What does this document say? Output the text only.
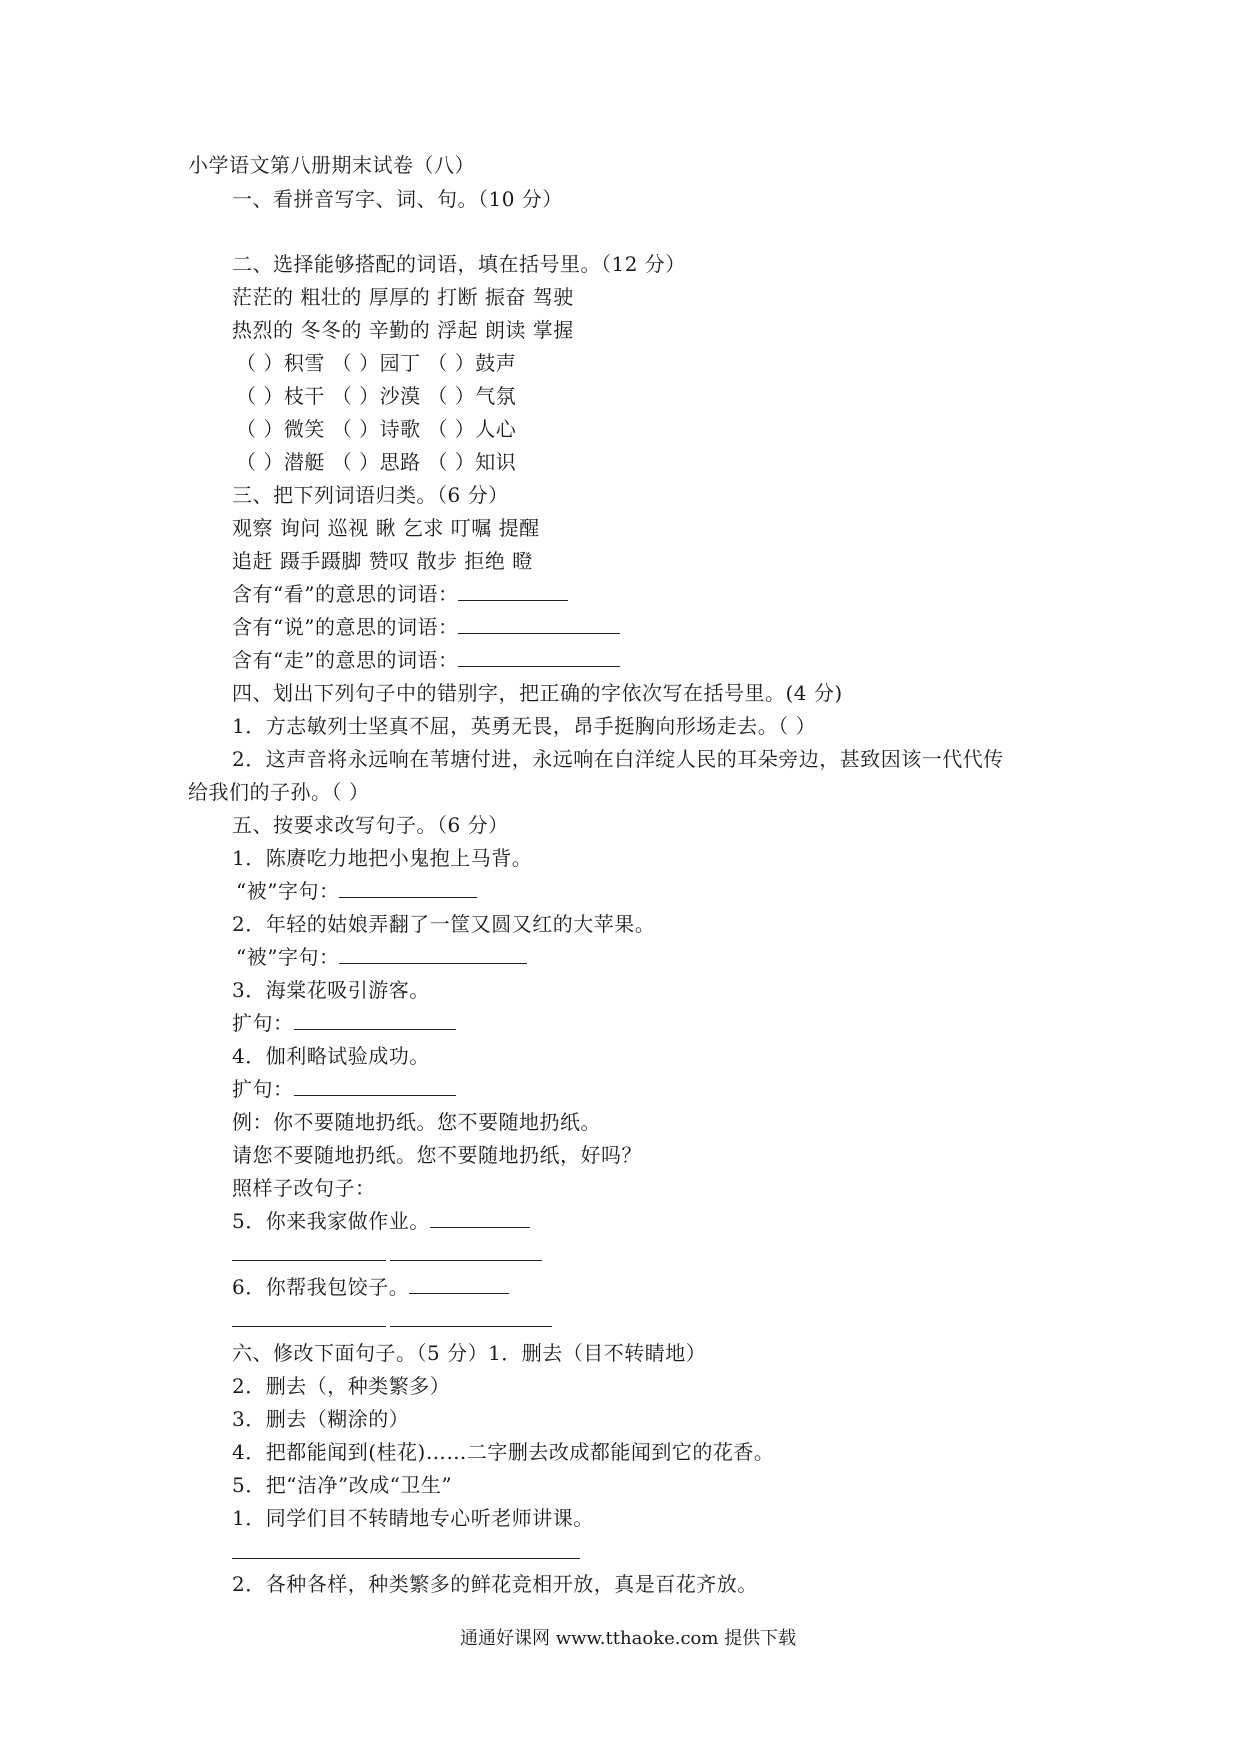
小学语文第八册期末试卷（八）
一、看拼音写字、词、句。（10 分）
二、选择能够搭配的词语，填在括号里。（12 分）
茫茫的 粗壮的 厚厚的 打断 振奋 驾驶
热烈的 冬冬的 辛勤的 浮起 朗读 掌握
（ ）积雪 （ ）园丁 （ ）鼓声
（ ）枝干 （ ）沙漠 （ ）气氛
（ ）微笑 （ ）诗歌 （ ）人心
（ ）潜艇 （ ）思路 （ ）知识
三、把下列词语归类。（6 分）
观察 询问 巡视 瞅 乞求 叮嘱 提醒
追赶 蹑手蹑脚 赞叹 散步 拒绝 瞪
含有“看”的意思的词语：
含有“说”的意思的词语：
含有“走”的意思的词语：
四、划出下列句子中的错别字，把正确的字依次写在括号里。(4 分)
1．方志敏列士坚真不屈，英勇无畏，昂手挺胸向形场走去。（ ）
2．这声音将永远响在苇塘付进，永远响在白洋绽人民的耳朵旁边，甚致因该一代代传
给我们的子孙。（ ）
五、按要求改写句子。（6 分）
1．陈赓吃力地把小鬼抱上马背。
“被”字句：
2．年轻的姑娘弄翻了一筐又圆又红的大苹果。
“被”字句：
3．海棠花吸引游客。
扩句：
4．伽利略试验成功。
扩句：
例：你不要随地扔纸。您不要随地扔纸。
请您不要随地扔纸。您不要随地扔纸，好吗？
照样子改句子：
5．你来我家做作业。
6．你帮我包饺子。
六、修改下面句子。（5 分）1．删去（目不转睛地）
2．删去（，种类繁多）
3．删去（糊涂的）
4．把都能闻到(桂花)……二字删去改成都能闻到它的花香。
5．把“洁净”改成“卫生”
1．同学们目不转睛地专心听老师讲课。
2．各种各样，种类繁多的鲜花竞相开放，真是百花齐放。
通通好课网 www.tthaoke.com 提供下载
